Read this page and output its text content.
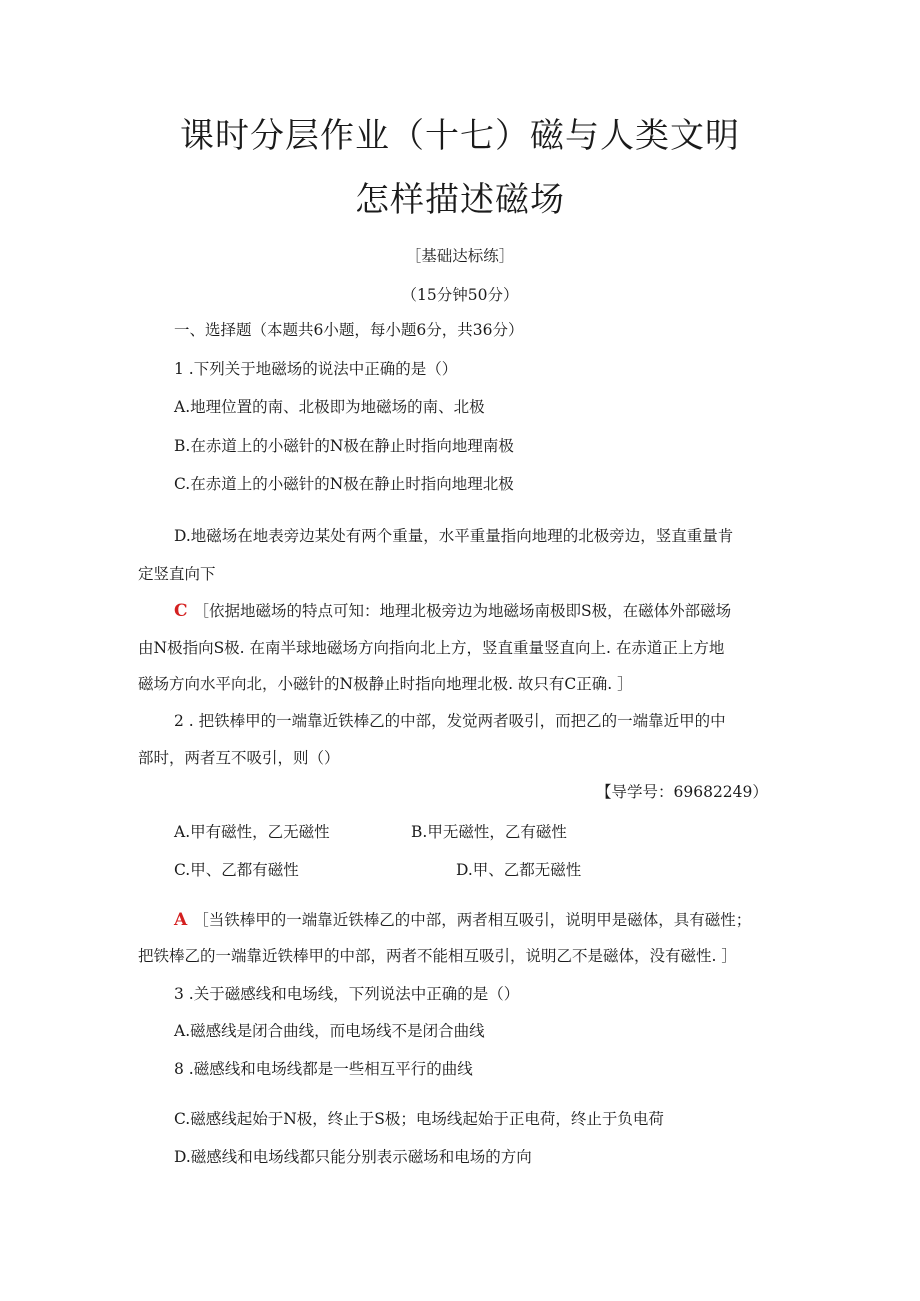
课时分层作业（十七）磁与人类文明
怎样描述磁场
［基础达标练］
（15分钟50分）
一、选择题（本题共6小题，每小题6分，共36分）
1 .下列关于地磁场的说法中正确的是（）
A.地理位置的南、北极即为地磁场的南、北极
B.在赤道上的小磁针的N极在静止时指向地理南极
C.在赤道上的小磁针的N极在静止时指向地理北极
D.地磁场在地表旁边某处有两个重量，水平重量指向地理的北极旁边，竖直重量肯
定竖直向下
C ［依据地磁场的特点可知：地理北极旁边为地磁场南极即S极，在磁体外部磁场
由N极指向S极. 在南半球地磁场方向指向北上方，竖直重量竖直向上. 在赤道正上方地
磁场方向水平向北，小磁针的N极静止时指向地理北极. 故只有C正确. ］
2 . 把铁棒甲的一端靠近铁棒乙的中部，发觉两者吸引，而把乙的一端靠近甲的中
部时，两者互不吸引，则（）
【导学号：69682249）
A.甲有磁性，乙无磁性	B.甲无磁性，乙有磁性
C.甲、乙都有磁性	D.甲、乙都无磁性
A ［当铁棒甲的一端靠近铁棒乙的中部，两者相互吸引，说明甲是磁体，具有磁性；
把铁棒乙的一端靠近铁棒甲的中部，两者不能相互吸引，说明乙不是磁体，没有磁性. ］
3 .关于磁感线和电场线，下列说法中正确的是（）
A.磁感线是闭合曲线，而电场线不是闭合曲线
8 .磁感线和电场线都是一些相互平行的曲线
C.磁感线起始于N极，终止于S极；电场线起始于正电荷，终止于负电荷
D.磁感线和电场线都只能分别表示磁场和电场的方向
